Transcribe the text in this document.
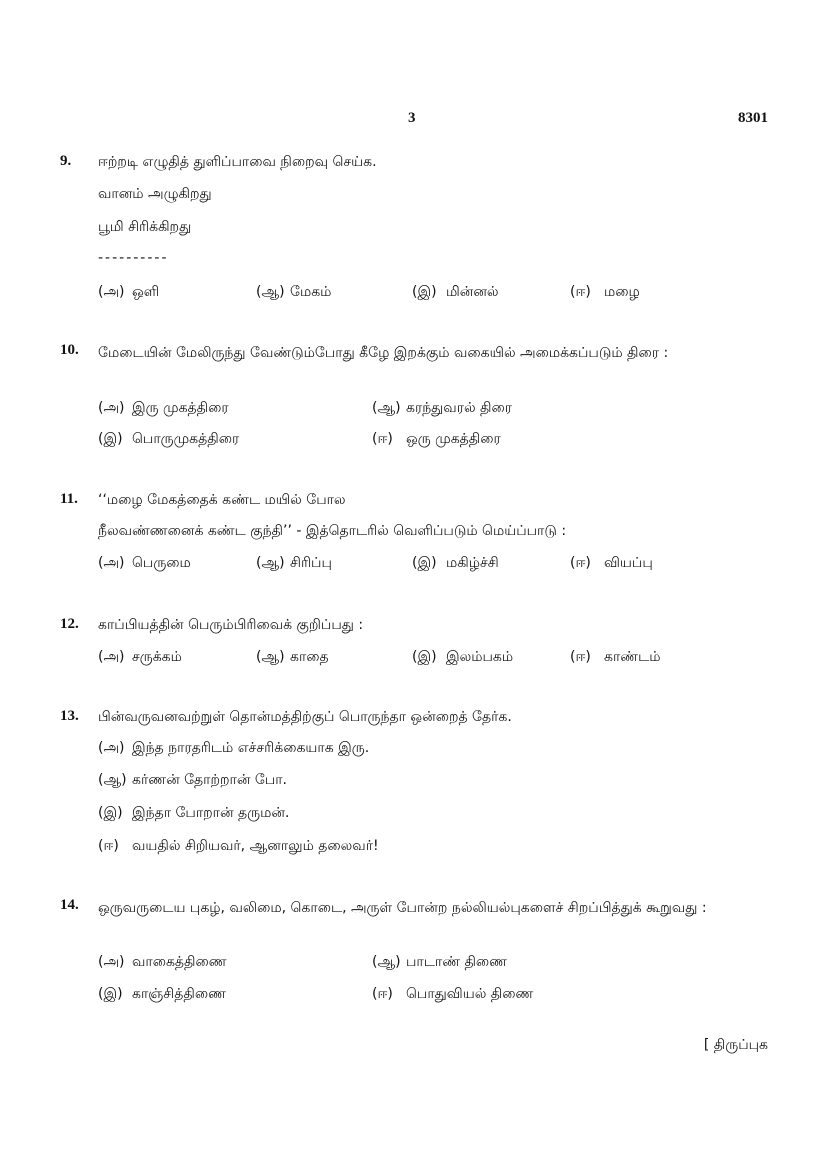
3	8301
9. ஈற்றடி எழுதித் துளிப்பாவை நிறைவு செய்க.
வானம் அழுகிறது
பூமி சிரிக்கிறது
----------
(அ) ஒளி	(ஆ) மேகம்	(இ) மின்னல்	(ஈ) மழை
10. மேடையின் மேலிருந்து வேண்டும்போது கீழே இறக்கும் வகையில் அமைக்கப்படும் திரை :
(அ) இரு முகத்திரை	(ஆ) கரந்துவரல் திரை
(இ) பொருமுகத்திரை	(ஈ) ஒரு முகத்திரை
11. ‘‘மழை மேகத்தைக் கண்ட மயில் போல
நீலவண்ணனைக் கண்ட குந்தி’’ - இத்தொடரில் வெளிப்படும் மெய்ப்பாடு :
(அ) பெருமை	(ஆ) சிரிப்பு	(இ) மகிழ்ச்சி	(ஈ) வியப்பு
12. காப்பியத்தின் பெரும்பிரிவைக் குறிப்பது :
(அ) சருக்கம்	(ஆ) காதை	(இ) இலம்பகம்	(ஈ) காண்டம்
13. பின்வருவனவற்றுள் தொன்மத்திற்குப் பொருந்தா ஒன்றைத் தேர்க.
(அ) இந்த நாரதரிடம் எச்சரிக்கையாக இரு.
(ஆ) கர்ணன் தோற்றான் போ.
(இ) இந்தா போறான் தருமன்.
(ஈ) வயதில் சிறியவர், ஆனாலும் தலைவர்!
14. ஒருவருடைய புகழ், வலிமை, கொடை, அருள் போன்ற நல்லியல்புகளைச் சிறப்பித்துக் கூறுவது :
(அ) வாகைத்திணை	(ஆ) பாடாண் திணை
(இ) காஞ்சித்திணை	(ஈ) பொதுவியல் திணை
[ திருப்புக
